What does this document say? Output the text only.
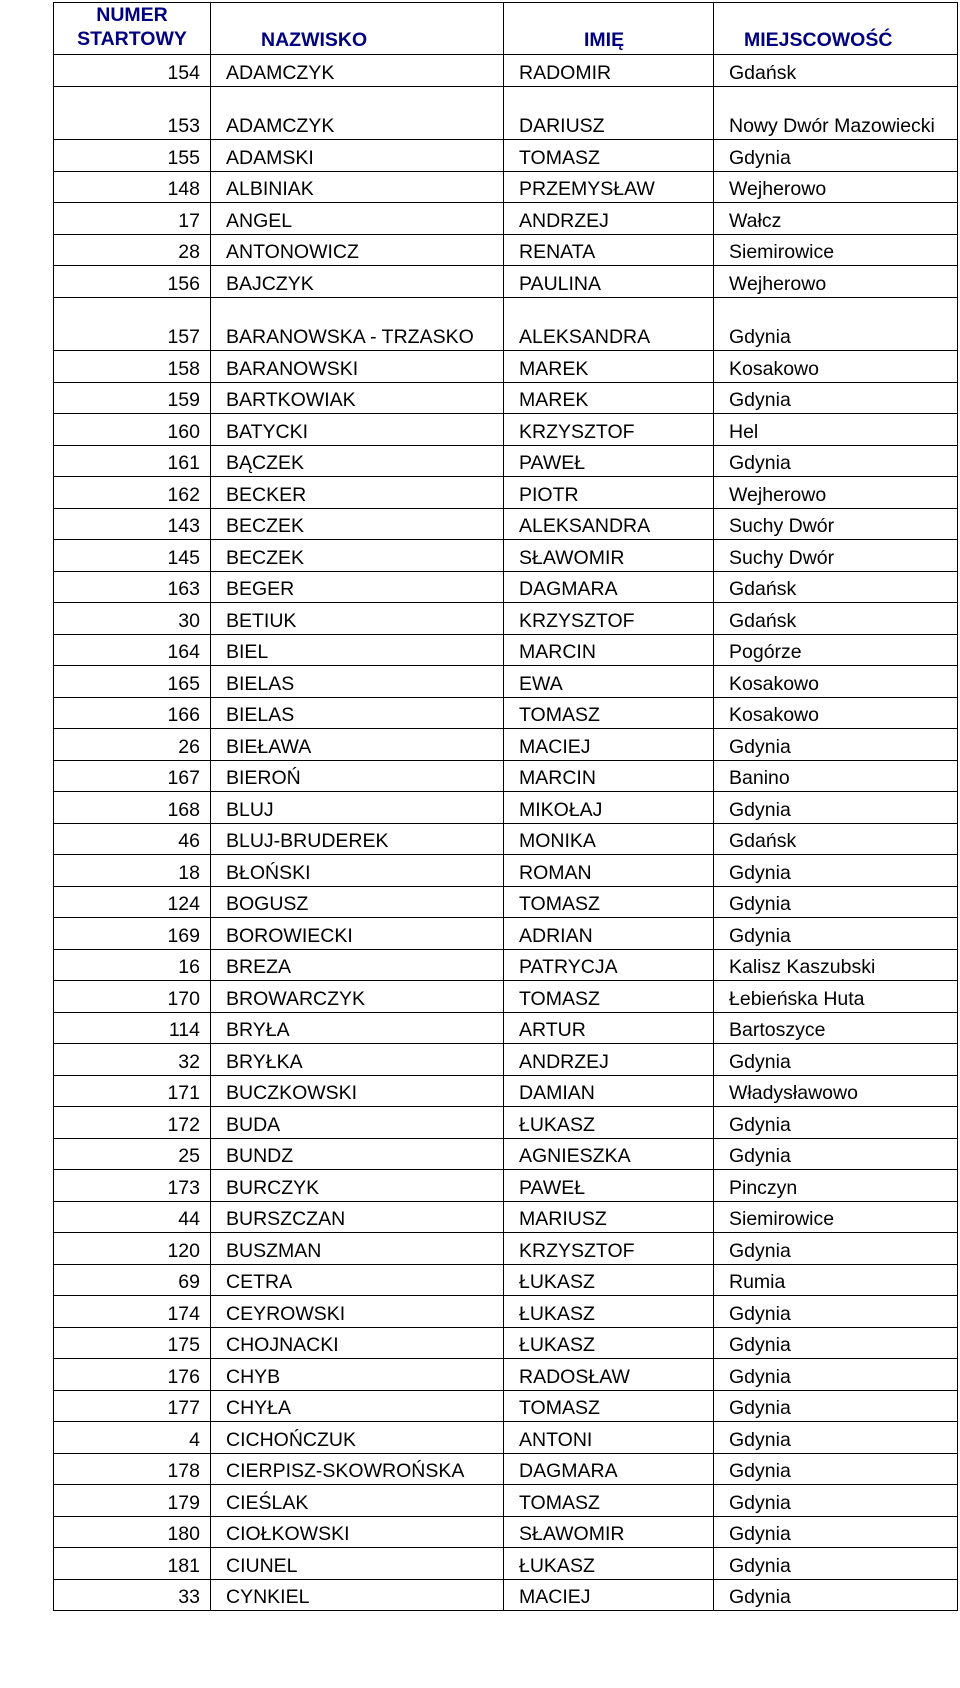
NUMER STARTOWY	NAZWISKO	IMIĘ	MIEJSCOWOŚĆ
154	ADAMCZYK	RADOMIR	Gdańsk
153	ADAMCZYK	DARIUSZ	Nowy Dwór Mazowiecki
155	ADAMSKI	TOMASZ	Gdynia
148	ALBINIAK	PRZEMYSŁAW	Wejherowo
17	ANGEL	ANDRZEJ	Wałcz
28	ANTONOWICZ	RENATA	Siemirowice
156	BAJCZYK	PAULINA	Wejherowo
157	BARANOWSKA - TRZASKO	ALEKSANDRA	Gdynia
158	BARANOWSKI	MAREK	Kosakowo
159	BARTKOWIAK	MAREK	Gdynia
160	BATYCKI	KRZYSZTOF	Hel
161	BĄCZEK	PAWEŁ	Gdynia
162	BECKER	PIOTR	Wejherowo
143	BECZEK	ALEKSANDRA	Suchy Dwór
145	BECZEK	SŁAWOMIR	Suchy Dwór
163	BEGER	DAGMARA	Gdańsk
30	BETIUK	KRZYSZTOF	Gdańsk
164	BIEL	MARCIN	Pogórze
165	BIELAS	EWA	Kosakowo
166	BIELAS	TOMASZ	Kosakowo
26	BIEŁAWA	MACIEJ	Gdynia
167	BIEROŃ	MARCIN	Banino
168	BLUJ	MIKOŁAJ	Gdynia
46	BLUJ-BRUDEREK	MONIKA	Gdańsk
18	BŁOŃSKI	ROMAN	Gdynia
124	BOGUSZ	TOMASZ	Gdynia
169	BOROWIECKI	ADRIAN	Gdynia
16	BREZA	PATRYCJA	Kalisz Kaszubski
170	BROWARCZYK	TOMASZ	Łebieńska Huta
114	BRYŁA	ARTUR	Bartoszyce
32	BRYŁKA	ANDRZEJ	Gdynia
171	BUCZKOWSKI	DAMIAN	Władysławowo
172	BUDA	ŁUKASZ	Gdynia
25	BUNDZ	AGNIESZKA	Gdynia
173	BURCZYK	PAWEŁ	Pinczyn
44	BURSZCZAN	MARIUSZ	Siemirowice
120	BUSZMAN	KRZYSZTOF	Gdynia
69	CETRA	ŁUKASZ	Rumia
174	CEYROWSKI	ŁUKASZ	Gdynia
175	CHOJNACKI	ŁUKASZ	Gdynia
176	CHYB	RADOSŁAW	Gdynia
177	CHYŁA	TOMASZ	Gdynia
4	CICHOŃCZUK	ANTONI	Gdynia
178	CIERPISZ-SKOWROŃSKA	DAGMARA	Gdynia
179	CIEŚLAK	TOMASZ	Gdynia
180	CIOŁKOWSKI	SŁAWOMIR	Gdynia
181	CIUNEL	ŁUKASZ	Gdynia
33	CYNKIEL	MACIEJ	Gdynia
